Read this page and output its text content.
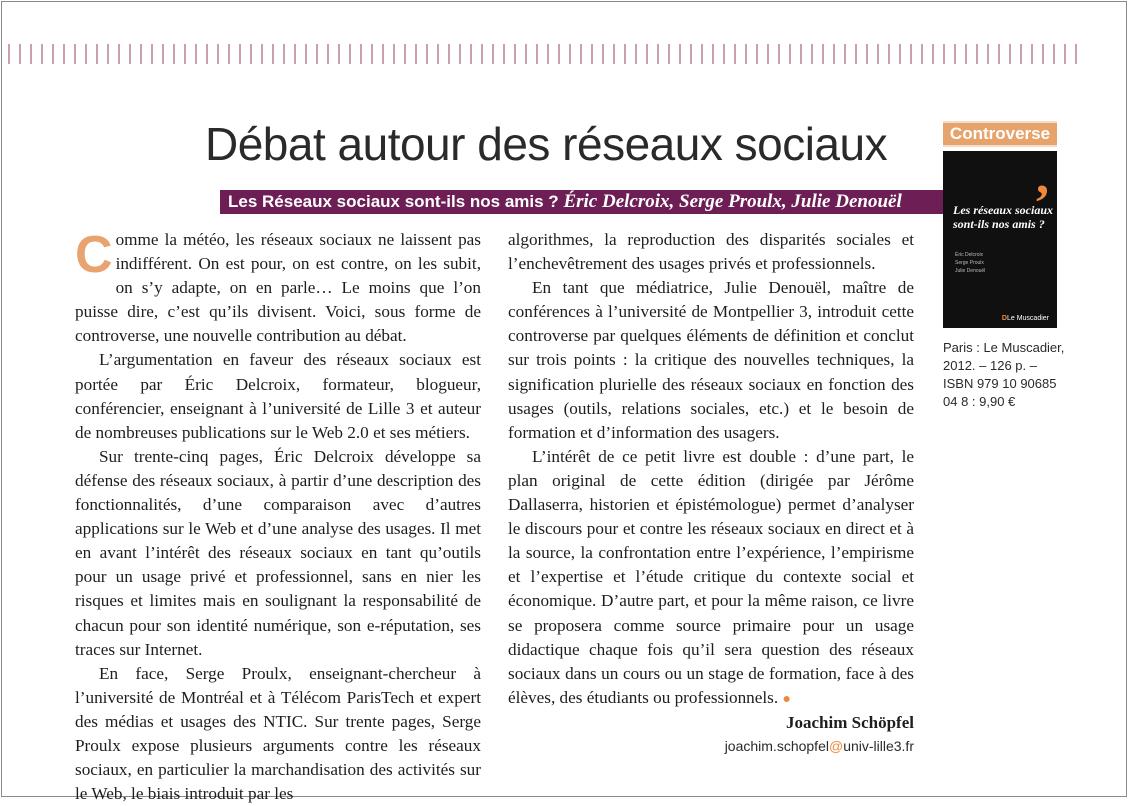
Débat autour des réseaux sociaux
Les Réseaux sociaux sont-ils nos amis ? Éric Delcroix, Serge Proulx, Julie Denouël

Comme la météo, les réseaux sociaux ne laissent pas indifférent. On est pour, on est contre, on les subit, on s’y adapte, on en parle… Le moins que l’on puisse dire, c’est qu’ils divisent. Voici, sous forme de controverse, une nouvelle contribution au débat.

L’argumentation en faveur des réseaux sociaux est portée par Éric Delcroix, formateur, blogueur, conférencier, enseignant à l’université de Lille 3 et auteur de nombreuses publications sur le Web 2.0 et ses métiers.

Sur trente-cinq pages, Éric Delcroix développe sa défense des réseaux sociaux, à partir d’une description des fonctionnalités, d’une comparaison avec d’autres applications sur le Web et d’une analyse des usages. Il met en avant l’intérêt des réseaux sociaux en tant qu’outils pour un usage privé et professionnel, sans en nier les risques et limites mais en soulignant la responsabilité de chacun pour son identité numérique, son e-réputation, ses traces sur Internet.

En face, Serge Proulx, enseignant-chercheur à l’université de Montréal et à Télécom ParisTech et expert des médias et usages des NTIC. Sur trente pages, Serge Proulx expose plusieurs arguments contre les réseaux sociaux, en particulier la marchandisation des activités sur le Web, le biais introduit par les

algorithmes, la reproduction des disparités sociales et l’enchevêtrement des usages privés et professionnels.

En tant que médiatrice, Julie Denouël, maître de conférences à l’université de Montpellier 3, introduit cette controverse par quelques éléments de définition et conclut sur trois points : la critique des nouvelles techniques, la signification plurielle des réseaux sociaux en fonction des usages (outils, relations sociales, etc.) et le besoin de formation et d’information des usagers.

L’intérêt de ce petit livre est double : d’une part, le plan original de cette édition (dirigée par Jérôme Dallaserra, historien et épistémologue) permet d’analyser le discours pour et contre les réseaux sociaux en direct et à la source, la confrontation entre l’expérience, l’empirisme et l’expertise et l’étude critique du contexte social et économique. D’autre part, et pour la même raison, ce livre se proposera comme source primaire pour un usage didactique chaque fois qu’il sera question des réseaux sociaux dans un cours ou un stage de formation, face à des élèves, des étudiants ou professionnels. ●

Joachim Schöpfel
joachim.schopfel@univ-lille3.fr
Controverse
,
Les réseaux sociaux sont-ils nos amis ?
Éric Delcroix
Serge Proulx
Julie Denouël
DLe Muscadier
Paris : Le Muscadier, 2012. – 126 p. – ISBN 979 10 90685 04 8 : 9,90 €
